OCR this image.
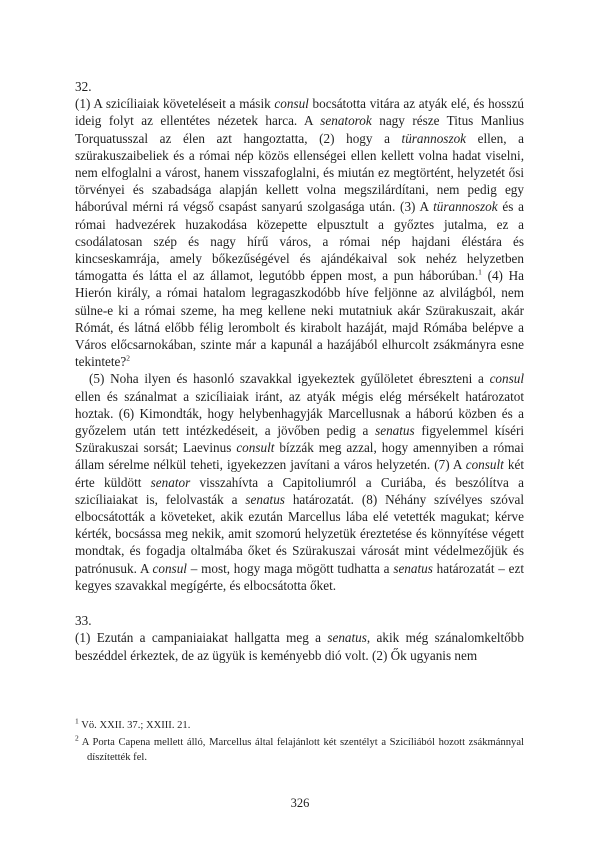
32.

(1) A szicíliaiak követeléseit a másik consul bocsátotta vitára az atyák elé, és hosszú ideig folyt az ellentétes nézetek harca. A senatorok nagy része Titus Manlius Torquatusszal az élen azt hangoztatta, (2) hogy a türannoszok ellen, a szürakuszaibeliek és a római nép közös ellenségei ellen kellett volna hadat viselni, nem elfoglalni a várost, hanem visszafoglalni, és miután ez megtörtént, helyzetét ősi törvényei és szabadsága alapján kellett volna megszilárdítani, nem pedig egy háborúval mérni rá végső csapást sanyarú szolgasága után. (3) A türannoszok és a római hadvezérek huzakodása közepette elpusztult a győztes jutalma, ez a csodálatosan szép és nagy hírű város, a római nép hajdani éléstára és kincseskamrája, amely bőkezűségével és ajándékaival sok nehéz helyzetben támogatta és látta el az államot, legutóbb éppen most, a pun háborúban.$^1$ (4) Ha Hierón király, a római hatalom legragaszkodóbb híve feljönne az alvilágból, nem sülne-e ki a római szeme, ha meg kellene neki mutatniuk akár Szürakuszait, akár Rómát, és látná előbb félig lerombolt és kirabolt hazáját, majd Rómába belépve a Város előcsarnokában, szinte már a kapunál a hazájából elhurcolt zsákmányra esne tekintete?$^2$

(5) Noha ilyen és hasonló szavakkal igyekeztek gyűlöletet ébreszteni a consul ellen és szánalmat a szicíliaiak iránt, az atyák mégis elég mérsékelt határozatot hoztak. (6) Kimondták, hogy helybenhagyják Marcellusnak a háború közben és a győzelem után tett intézkedéseit, a jövőben pedig a senatus figyelemmel kíséri Szürakuszai sorsát; Laevinus consult bízzák meg azzal, hogy amennyiben a római állam sérelme nélkül teheti, igyekezzen javítani a város helyzetén. (7) A consult két érte küldött senator visszahívta a Capitoliumról a Curiába, és beszólítva a szicíliaiakat is, felolvasták a senatus határozatát. (8) Néhány szívélyes szóval elbocsátották a követeket, akik ezután Marcellus lába elé vetették magukat; kérve kérték, bocsássa meg nekik, amit szomorú helyzetük éreztetése és könnyítése végett mondtak, és fogadja oltalmába őket és Szürakuszai városát mint védelmezőjük és patrónusuk. A consul – most, hogy maga mögött tudhatta a senatus határozatát – ezt kegyes szavakkal megígérte, és elbocsátotta őket.

33.

(1) Ezután a campaniaiakat hallgatta meg a senatus, akik még szánalomkeltőbb beszéddel érkeztek, de az ügyük is keményebb dió volt. (2) Ők ugyanis nem

$^1$ Vö. XXII. 37.; XXIII. 21.

$^2$ A Porta Capena mellett álló, Marcellus által felajánlott két szentélyt a Szicíliából hozott zsákmánnyal díszítették fel.

326
